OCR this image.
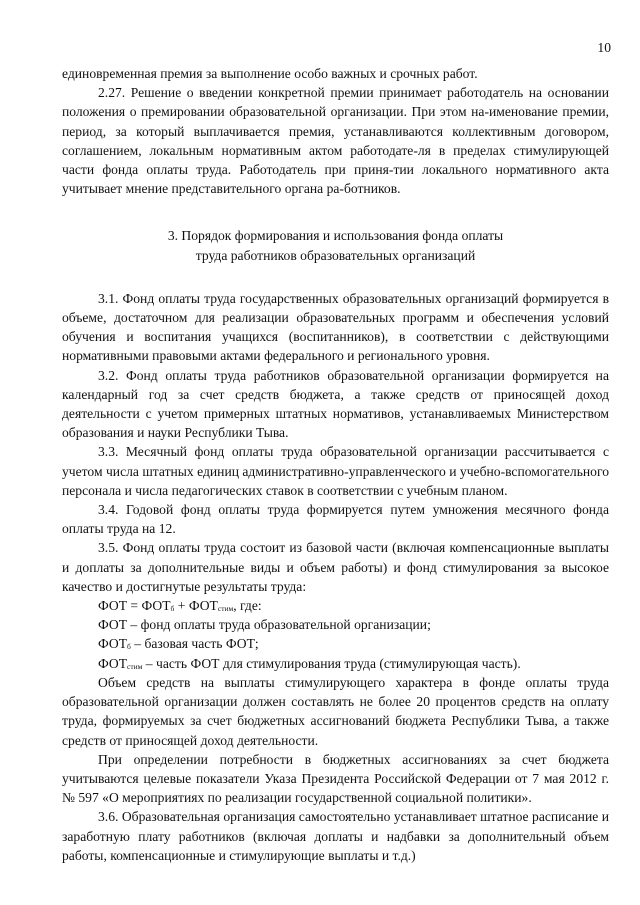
10

единовременная премия за выполнение особо важных и срочных работ.

2.27. Решение о введении конкретной премии принимает работодатель на основании положения о премировании образовательной организации. При этом на-именование премии, период, за который выплачивается премия, устанавливаются коллективным договором, соглашением, локальным нормативным актом работодате-ля в пределах стимулирующей части фонда оплаты труда. Работодатель при приня-тии локального нормативного акта учитывает мнение представительного органа ра-ботников.

3. Порядок формирования и использования фонда оплаты
труда работников образовательных организаций

3.1. Фонд оплаты труда государственных образовательных организаций формируется в объеме, достаточном для реализации образовательных программ и обеспечения условий обучения и воспитания учащихся (воспитанников), в соответствии с действующими нормативными правовыми актами федерального и регионального уровня.

3.2. Фонд оплаты труда работников образовательной организации формируется на календарный год за счет средств бюджета, а также средств от приносящей доход деятельности с учетом примерных штатных нормативов, устанавливаемых Министерством образования и науки Республики Тыва.

3.3. Месячный фонд оплаты труда образовательной организации рассчитывается с учетом числа штатных единиц административно-управленческого и учебно-вспомогательного персонала и числа педагогических ставок в соответствии с учебным планом.

3.4. Годовой фонд оплаты труда формируется путем умножения месячного фонда оплаты труда на 12.

3.5. Фонд оплаты труда состоит из базовой части (включая компенсационные выплаты и доплаты за дополнительные виды и объем работы) и фонд стимулирования за высокое качество и достигнутые результаты труда:

ФОТ = $ФОТ_б + ФОТ_{стим}$, где:

ФОТ – фонд оплаты труда образовательной организации;

$ФОТ_б$ – базовая часть ФОТ;

$ФОТ_{стим}$ – часть ФОТ для стимулирования труда (стимулирующая часть).

Объем средств на выплаты стимулирующего характера в фонде оплаты труда образовательной организации должен составлять не более 20 процентов средств на оплату труда, формируемых за счет бюджетных ассигнований бюджета Республики Тыва, а также средств от приносящей доход деятельности.

При определении потребности в бюджетных ассигнованиях за счет бюджета учитываются целевые показатели Указа Президента Российской Федерации от 7 мая 2012 г. № 597 «О мероприятиях по реализации государственной социальной политики».

3.6. Образовательная организация самостоятельно устанавливает штатное расписание и заработную плату работников (включая доплаты и надбавки за дополнительный объем работы, компенсационные и стимулирующие выплаты и т.д.)
